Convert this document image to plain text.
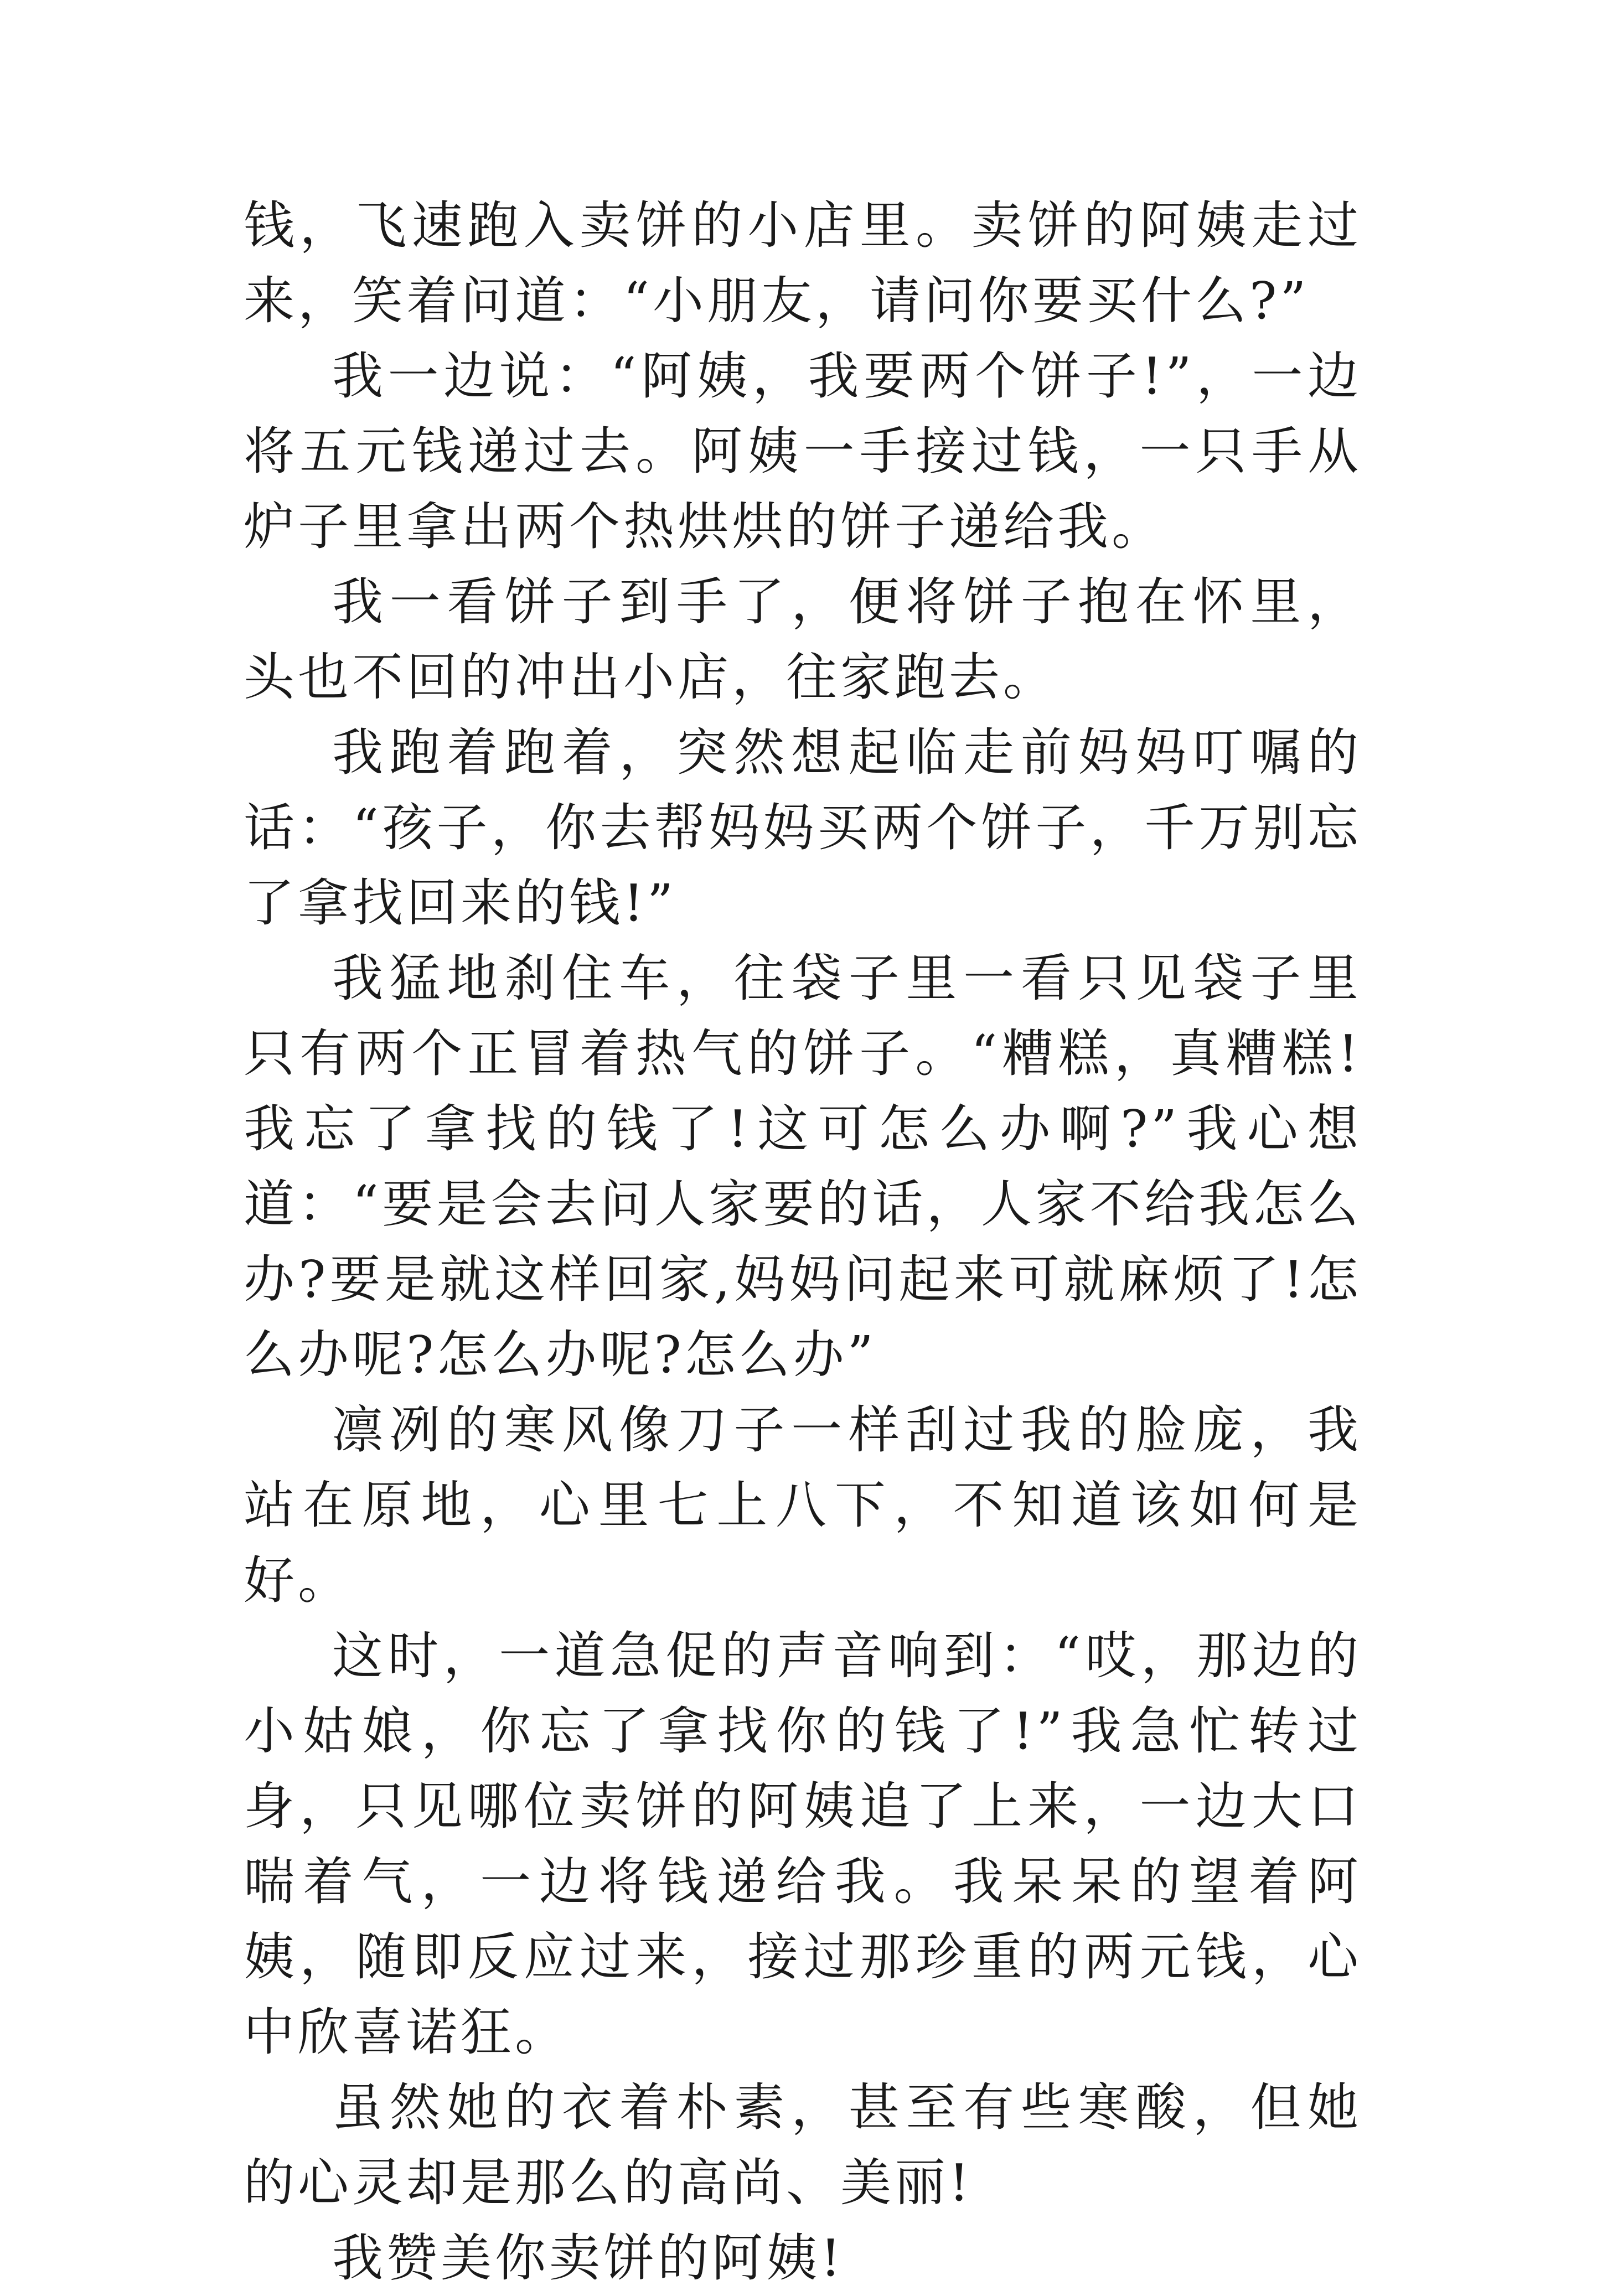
钱，飞速跑入卖饼的小店里。卖饼的阿姨走过来，笑着问道：“小朋友，请问你要买什么?”

我一边说：“阿姨，我要两个饼子!”，一边将五元钱递过去。阿姨一手接过钱，一只手从炉子里拿出两个热烘烘的饼子递给我。

我一看饼子到手了，便将饼子抱在怀里，头也不回的冲出小店，往家跑去。

我跑着跑着，突然想起临走前妈妈叮嘱的话：“孩子，你去帮妈妈买两个饼子，千万别忘了拿找回来的钱!”

我猛地刹住车，往袋子里一看只见袋子里只有两个正冒着热气的饼子。“糟糕，真糟糕!我忘了拿找的钱了!这可怎么办啊?”我心想道：“要是会去问人家要的话，人家不给我怎么办?要是就这样回家,妈妈问起来可就麻烦了!怎么办呢?怎么办呢?怎么办”

凛冽的寒风像刀子一样刮过我的脸庞，我站在原地，心里七上八下，不知道该如何是好。

这时，一道急促的声音响到：“哎，那边的小姑娘，你忘了拿找你的钱了!”我急忙转过身，只见哪位卖饼的阿姨追了上来，一边大口喘着气，一边将钱递给我。我呆呆的望着阿姨，随即反应过来，接过那珍重的两元钱，心中欣喜诺狂。

虽然她的衣着朴素，甚至有些寒酸，但她的心灵却是那么的高尚、美丽!

我赞美你卖饼的阿姨!
